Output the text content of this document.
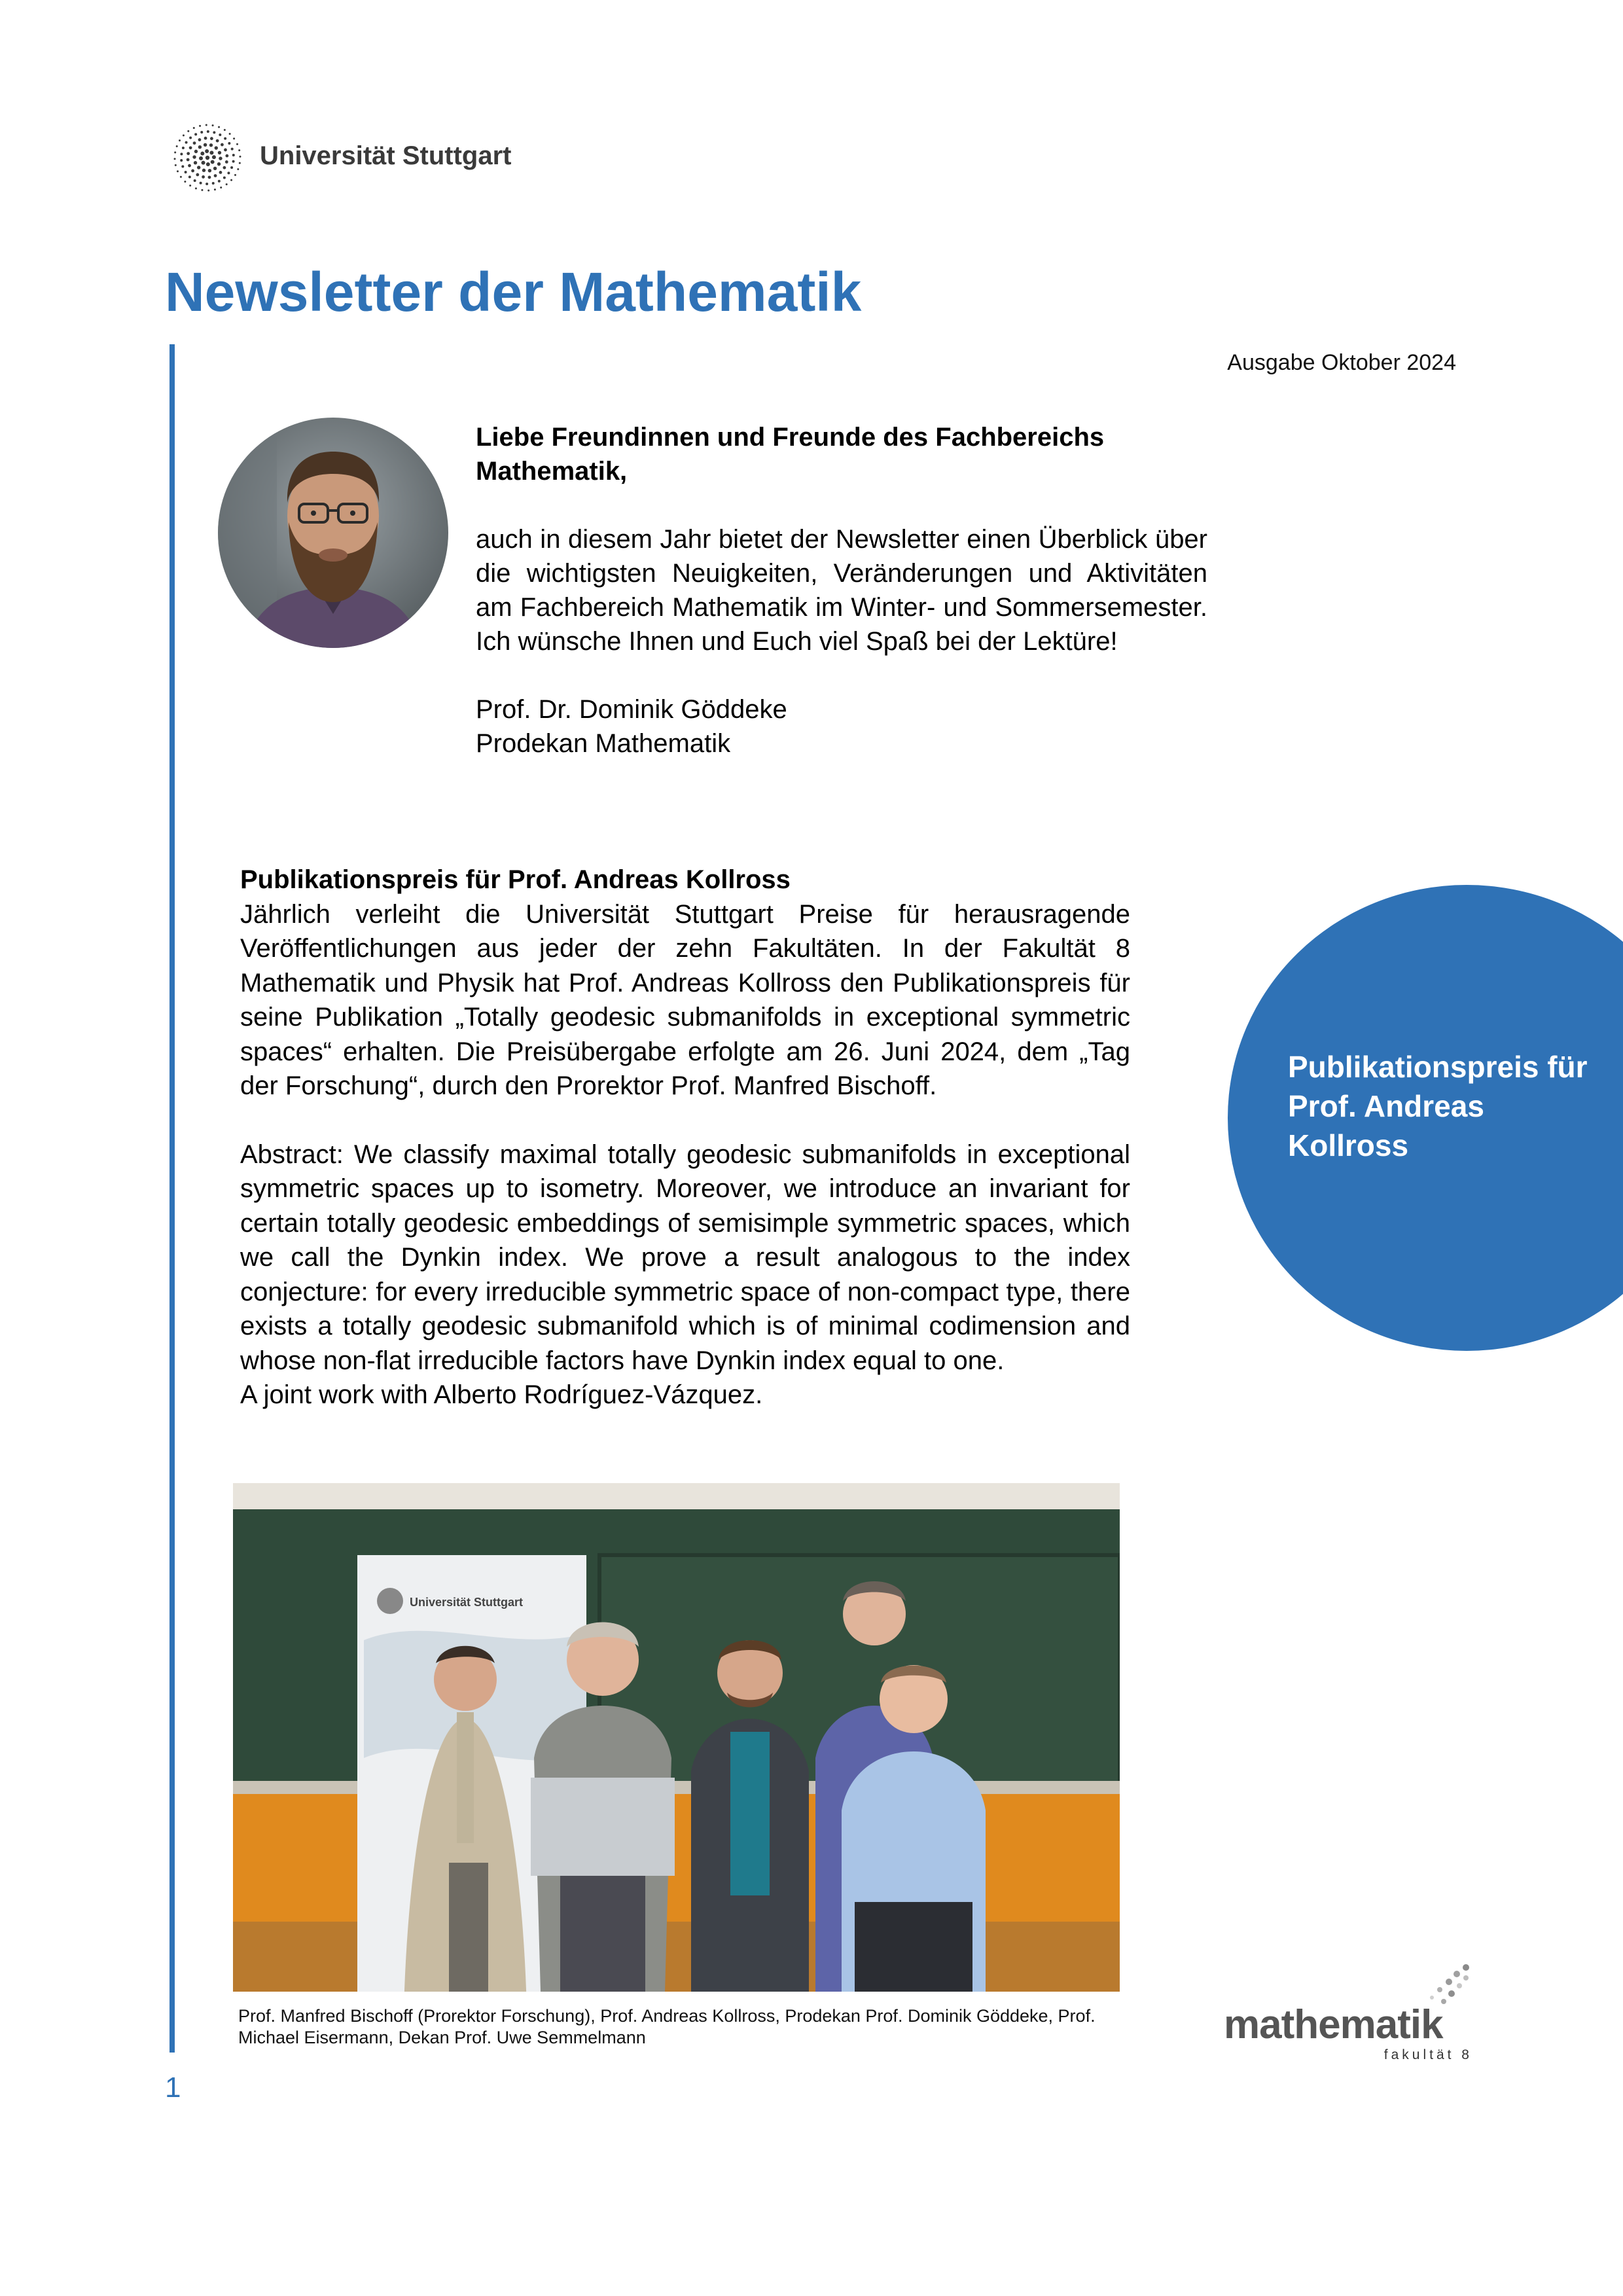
Universität Stuttgart
Newsletter der Mathematik
Ausgabe Oktober 2024

Liebe Freundinnen und Freunde des Fachbereichs Mathematik,

auch in diesem Jahr bietet der Newsletter einen Überblick über die wichtigsten Neuigkeiten, Veränderungen und Aktivitäten am Fachbereich Mathematik im Winter- und Sommersemester. Ich wünsche Ihnen und Euch viel Spaß bei der Lektüre!

Prof. Dr. Dominik Göddeke

Prodekan Mathematik

Publikationspreis für Prof. Andreas Kollross

Jährlich verleiht die Universität Stuttgart Preise für herausragende Veröffentlichungen aus jeder der zehn Fakultäten. In der Fakultät 8 Mathematik und Physik hat Prof. Andreas Kollross den Publikationspreis für seine Publikation „Totally geodesic submanifolds in exceptional symmetric spaces“ erhalten. Die Preisübergabe erfolgte am 26. Juni 2024, dem „Tag der Forschung“, durch den Prorektor Prof. Manfred Bischoff.

Abstract: We classify maximal totally geodesic submanifolds in exceptional symmetric spaces up to isometry. Moreover, we introduce an invariant for certain totally geodesic embeddings of semisimple symmetric spaces, which we call the Dynkin index. We prove a result analogous to the index conjecture: for every irreducible symmetric space of non-compact type, there exists a totally geodesic submanifold which is of minimal codimension and whose non-flat irreducible factors have Dynkin index equal to one.

A joint work with Alberto Rodríguez-Vázquez.

Publikationspreis für Prof. Andreas Kollross
Universität Stuttgart
Prof. Manfred Bischoff (Prorektor Forschung), Prof. Andreas Kollross, Prodekan Prof. Dominik Göddeke, Prof. Michael Eisermann, Dekan Prof. Uwe Semmelmann	mathematik
fakultät 8
1
